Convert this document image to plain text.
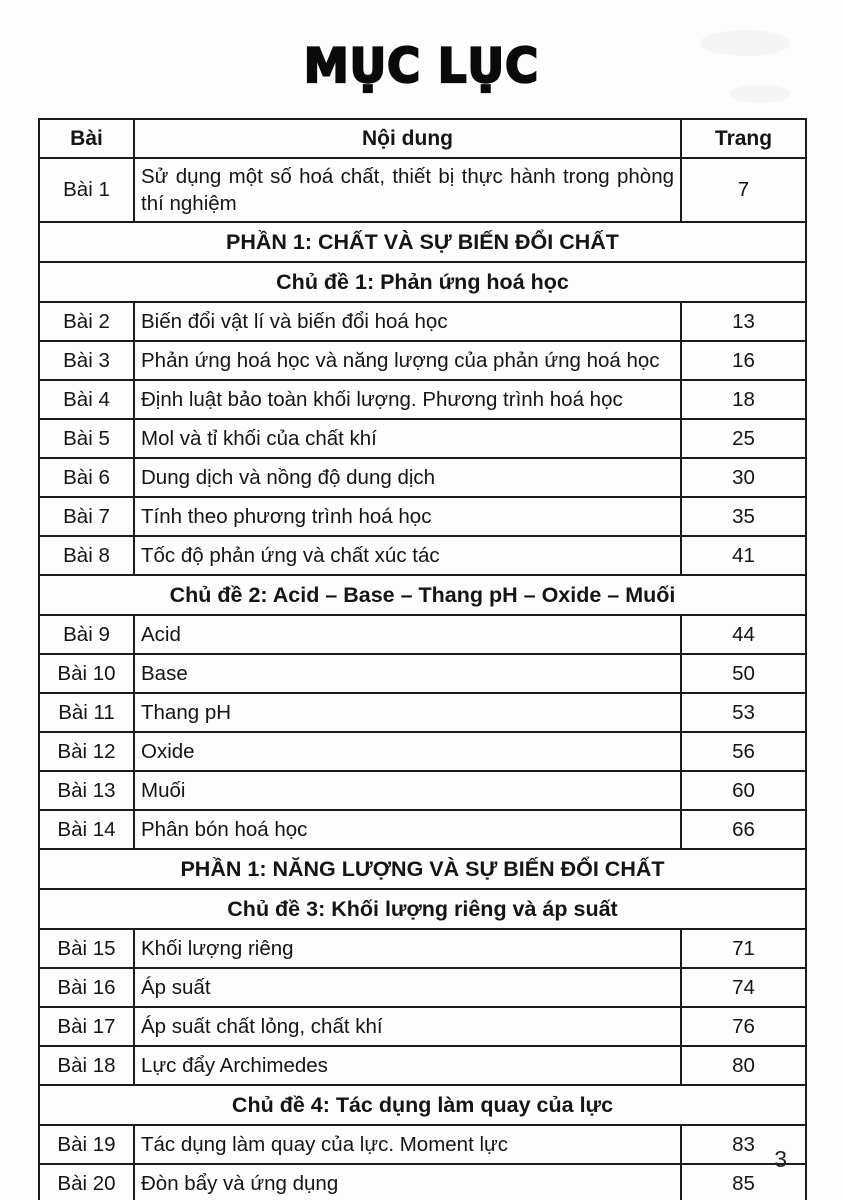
MỤC LỤC
Bài	Nội dung	Trang
Bài 1	Sử dụng một số hoá chất, thiết bị thực hành trong phòng thí nghiệm	7
PHẦN 1: CHẤT VÀ SỰ BIẾN ĐỔI CHẤT		
Chủ đề 1: Phản ứng hoá học		
Bài 2	Biến đổi vật lí và biến đổi hoá học	13
Bài 3	Phản ứng hoá học và năng lượng của phản ứng hoá học	16
Bài 4	Định luật bảo toàn khối lượng. Phương trình hoá học	18
Bài 5	Mol và tỉ khối của chất khí	25
Bài 6	Dung dịch và nồng độ dung dịch	30
Bài 7	Tính theo phương trình hoá học	35
Bài 8	Tốc độ phản ứng và chất xúc tác	41
Chủ đề 2: Acid – Base – Thang pH – Oxide – Muối		
Bài 9	Acid	44
Bài 10	Base	50
Bài 11	Thang pH	53
Bài 12	Oxide	56
Bài 13	Muối	60
Bài 14	Phân bón hoá học	66
PHẦN 1: NĂNG LƯỢNG VÀ SỰ BIẾN ĐỔI CHẤT		
Chủ đề 3: Khối lượng riêng và áp suất		
Bài 15	Khối lượng riêng	71
Bài 16	Áp suất	74
Bài 17	Áp suất chất lỏng, chất khí	76
Bài 18	Lực đẩy Archimedes	80
Chủ đề 4: Tác dụng làm quay của lực		
Bài 19	Tác dụng làm quay của lực. Moment lực	83
Bài 20	Đòn bẩy và ứng dụng	85
3
